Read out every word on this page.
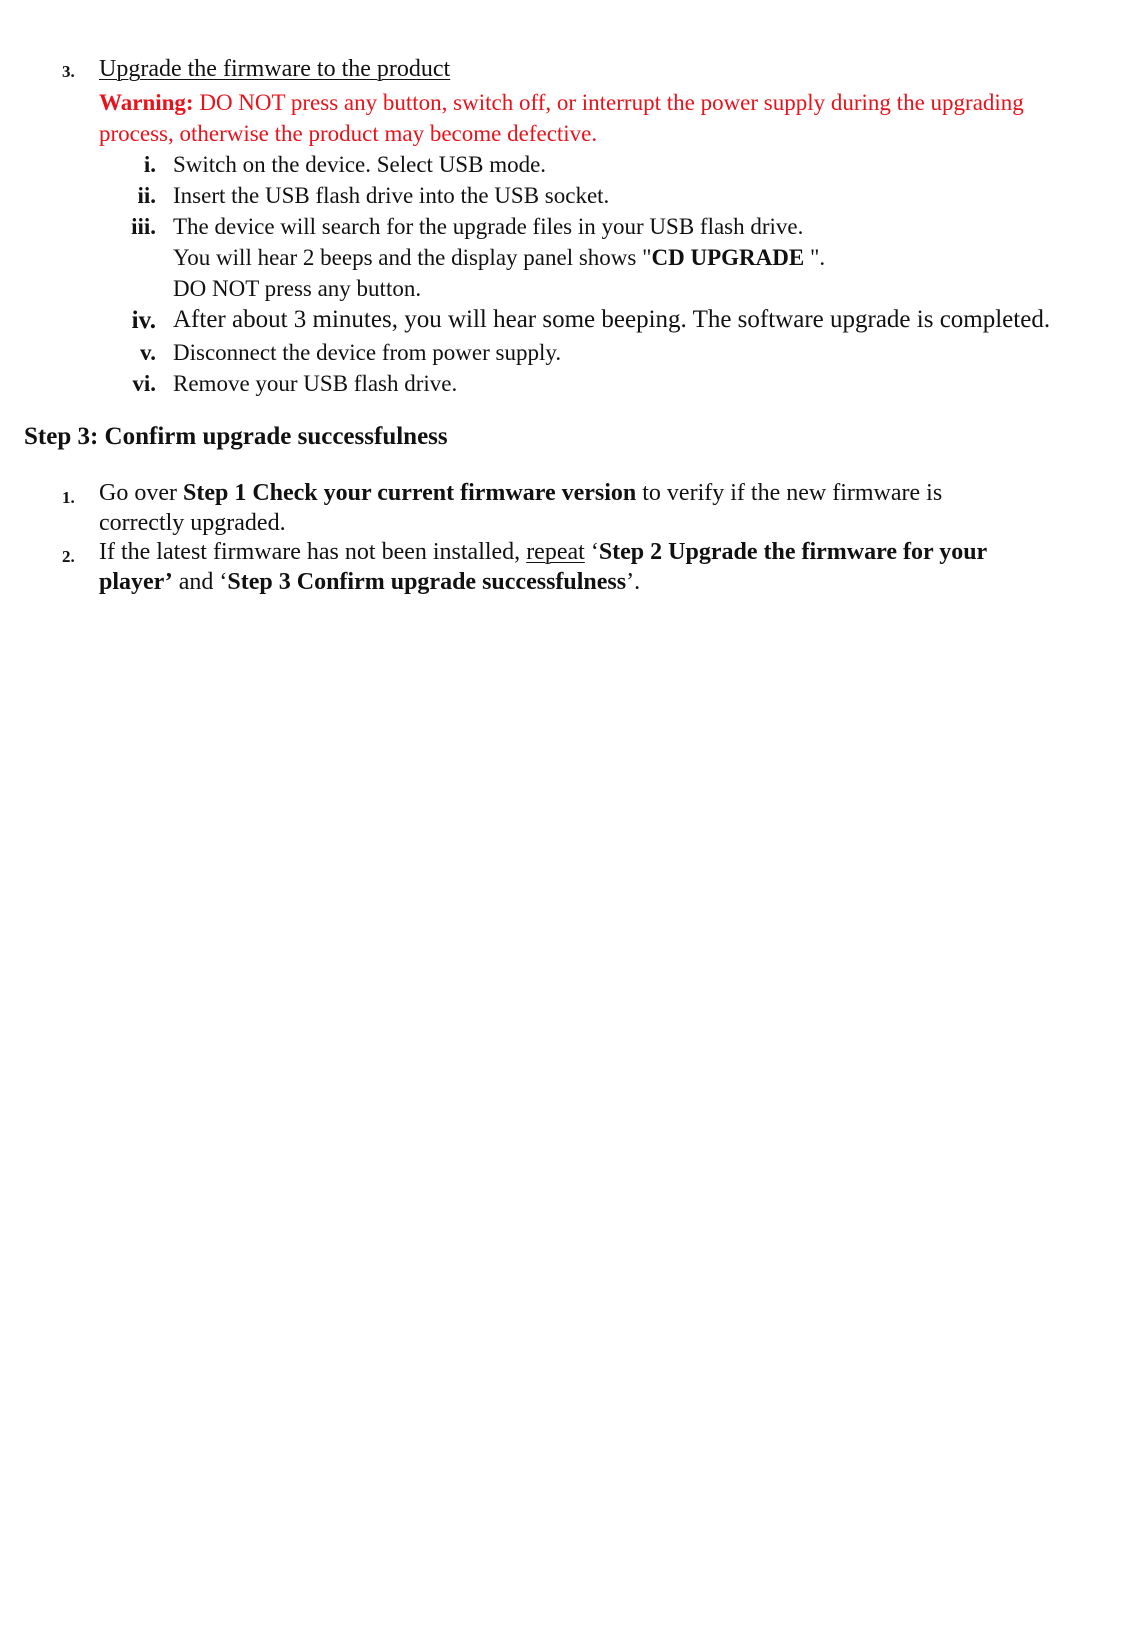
3. Upgrade the firmware to the product
Warning: DO NOT press any button, switch off, or interrupt the power supply during the upgrading
process, otherwise the product may become defective.
i. Switch on the device. Select USB mode.
ii. Insert the USB flash drive into the USB socket.
iii. The device will search for the upgrade files in your USB flash drive.
You will hear 2 beeps and the display panel shows "CD UPGRADE ".
DO NOT press any button.
iv. After about 3 minutes, you will hear some beeping. The software upgrade is completed.
v. Disconnect the device from power supply.
vi. Remove your USB flash drive.
Step 3: Confirm upgrade successfulness
1. Go over Step 1 Check your current firmware version to verify if the new firmware is
correctly upgraded.
2. If the latest firmware has not been installed, repeat ‘Step 2 Upgrade the firmware for your
player’ and ‘Step 3 Confirm upgrade successfulness’.
